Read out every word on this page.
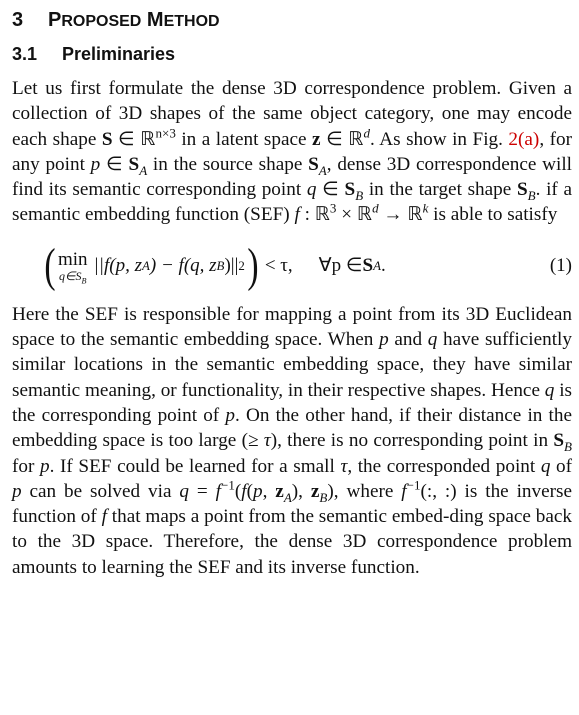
3 PROPOSED METHOD
3.1 Preliminaries

Let us first formulate the dense 3D correspondence problem. Given a collection of 3D shapes of the same object category, one may encode each shape S ∈ ℝ$^{n\times 3}$ in a latent space z ∈ ℝ$^d$. As show in Fig. 2(a), for any point p ∈ $S_A$ in the source shape $S_A$, dense 3D correspondence will find its semantic corresponding point q ∈ $S_B$ in the target shape $S_B$. if a semantic embedding function (SEF) f : ℝ$^3$ × ℝ$^d$ → ℝ$^k$ is able to satisfy

( min
$q\in S_B$
||f(p, z A ) − f(q, z B )|| 2 ) < τ, ∀p ∈ S A .	(1)

Here the SEF is responsible for mapping a point from its 3D Euclidean space to the semantic embedding space. When p and q have sufficiently similar locations in the semantic embedding space, they have similar semantic meaning, or functionality, in their respective shapes. Hence q is the corresponding point of p. On the other hand, if their distance in the embedding space is too large (≥ τ), there is no corresponding point in $S_B$ for p. If SEF could be learned for a small τ, the corresponded point q of p can be solved via $q = f^{-1}(f(p$, $z_A$), $z_B$), where $f^{-1}$(:, :) is the inverse function of f that maps a point from the semantic embed-ding space back to the 3D space. Therefore, the dense 3D correspondence problem amounts to learning the SEF and its inverse function.
